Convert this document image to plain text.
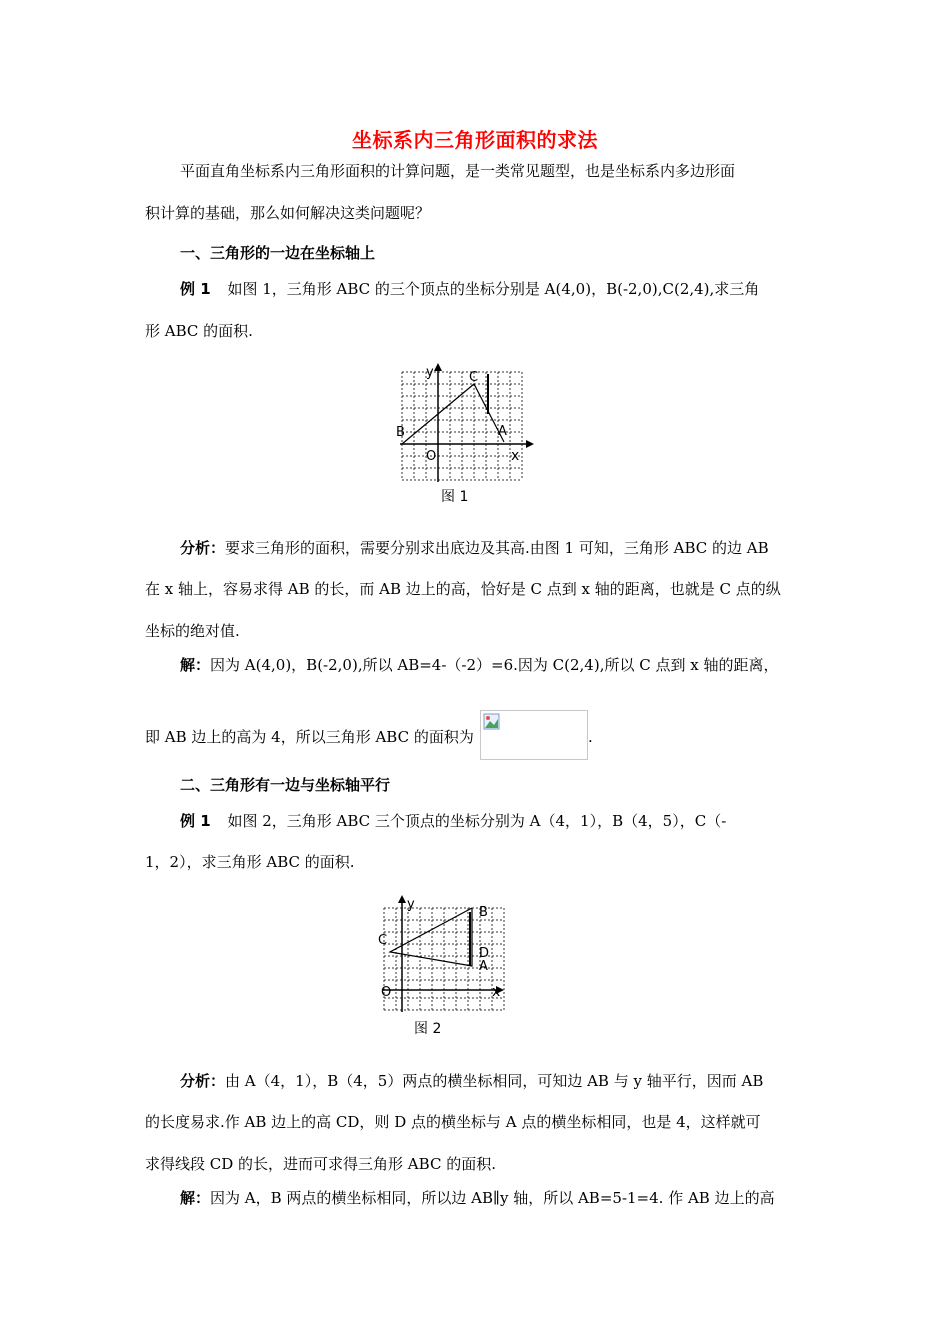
坐标系内三角形面积的求法
平面直角坐标系内三角形面积的计算问题，是一类常见题型，也是坐标系内多边形面
积计算的基础，那么如何解决这类问题呢？
一、三角形的一边在坐标轴上
例 1 如图 1，三角形 ABC 的三个顶点的坐标分别是 A(4,0)，B(-2,0),C(2,4),求三角
形 ABC 的面积.
y
x
O
A
B
C
图 1
分析：要求三角形的面积，需要分别求出底边及其高.由图 1 可知，三角形 ABC 的边 AB
在 x 轴上，容易求得 AB 的长，而 AB 边上的高，恰好是 C 点到 x 轴的距离，也就是 C 点的纵
坐标的绝对值.
解：因为 A(4,0)，B(-2,0),所以 AB=4-（-2）=6.因为 C(2,4),所以 C 点到 x 轴的距离，
即 AB 边上的高为 4，所以三角形 ABC 的面积为	.
二、三角形有一边与坐标轴平行
例 1 如图 2，三角形 ABC 三个顶点的坐标分别为 A（4，1），B（4，5），C（-
1，2），求三角形 ABC 的面积.
y
x
O
A
B
C
D
图 2
分析：由 A（4，1），B（4，5）两点的横坐标相同，可知边 AB 与 y 轴平行，因而 AB
的长度易求.作 AB 边上的高 CD，则 D 点的横坐标与 A 点的横坐标相同，也是 4，这样就可
求得线段 CD 的长，进而可求得三角形 ABC 的面积.
解：因为 A，B 两点的横坐标相同，所以边 AB∥y 轴，所以 AB=5-1=4. 作 AB 边上的高
